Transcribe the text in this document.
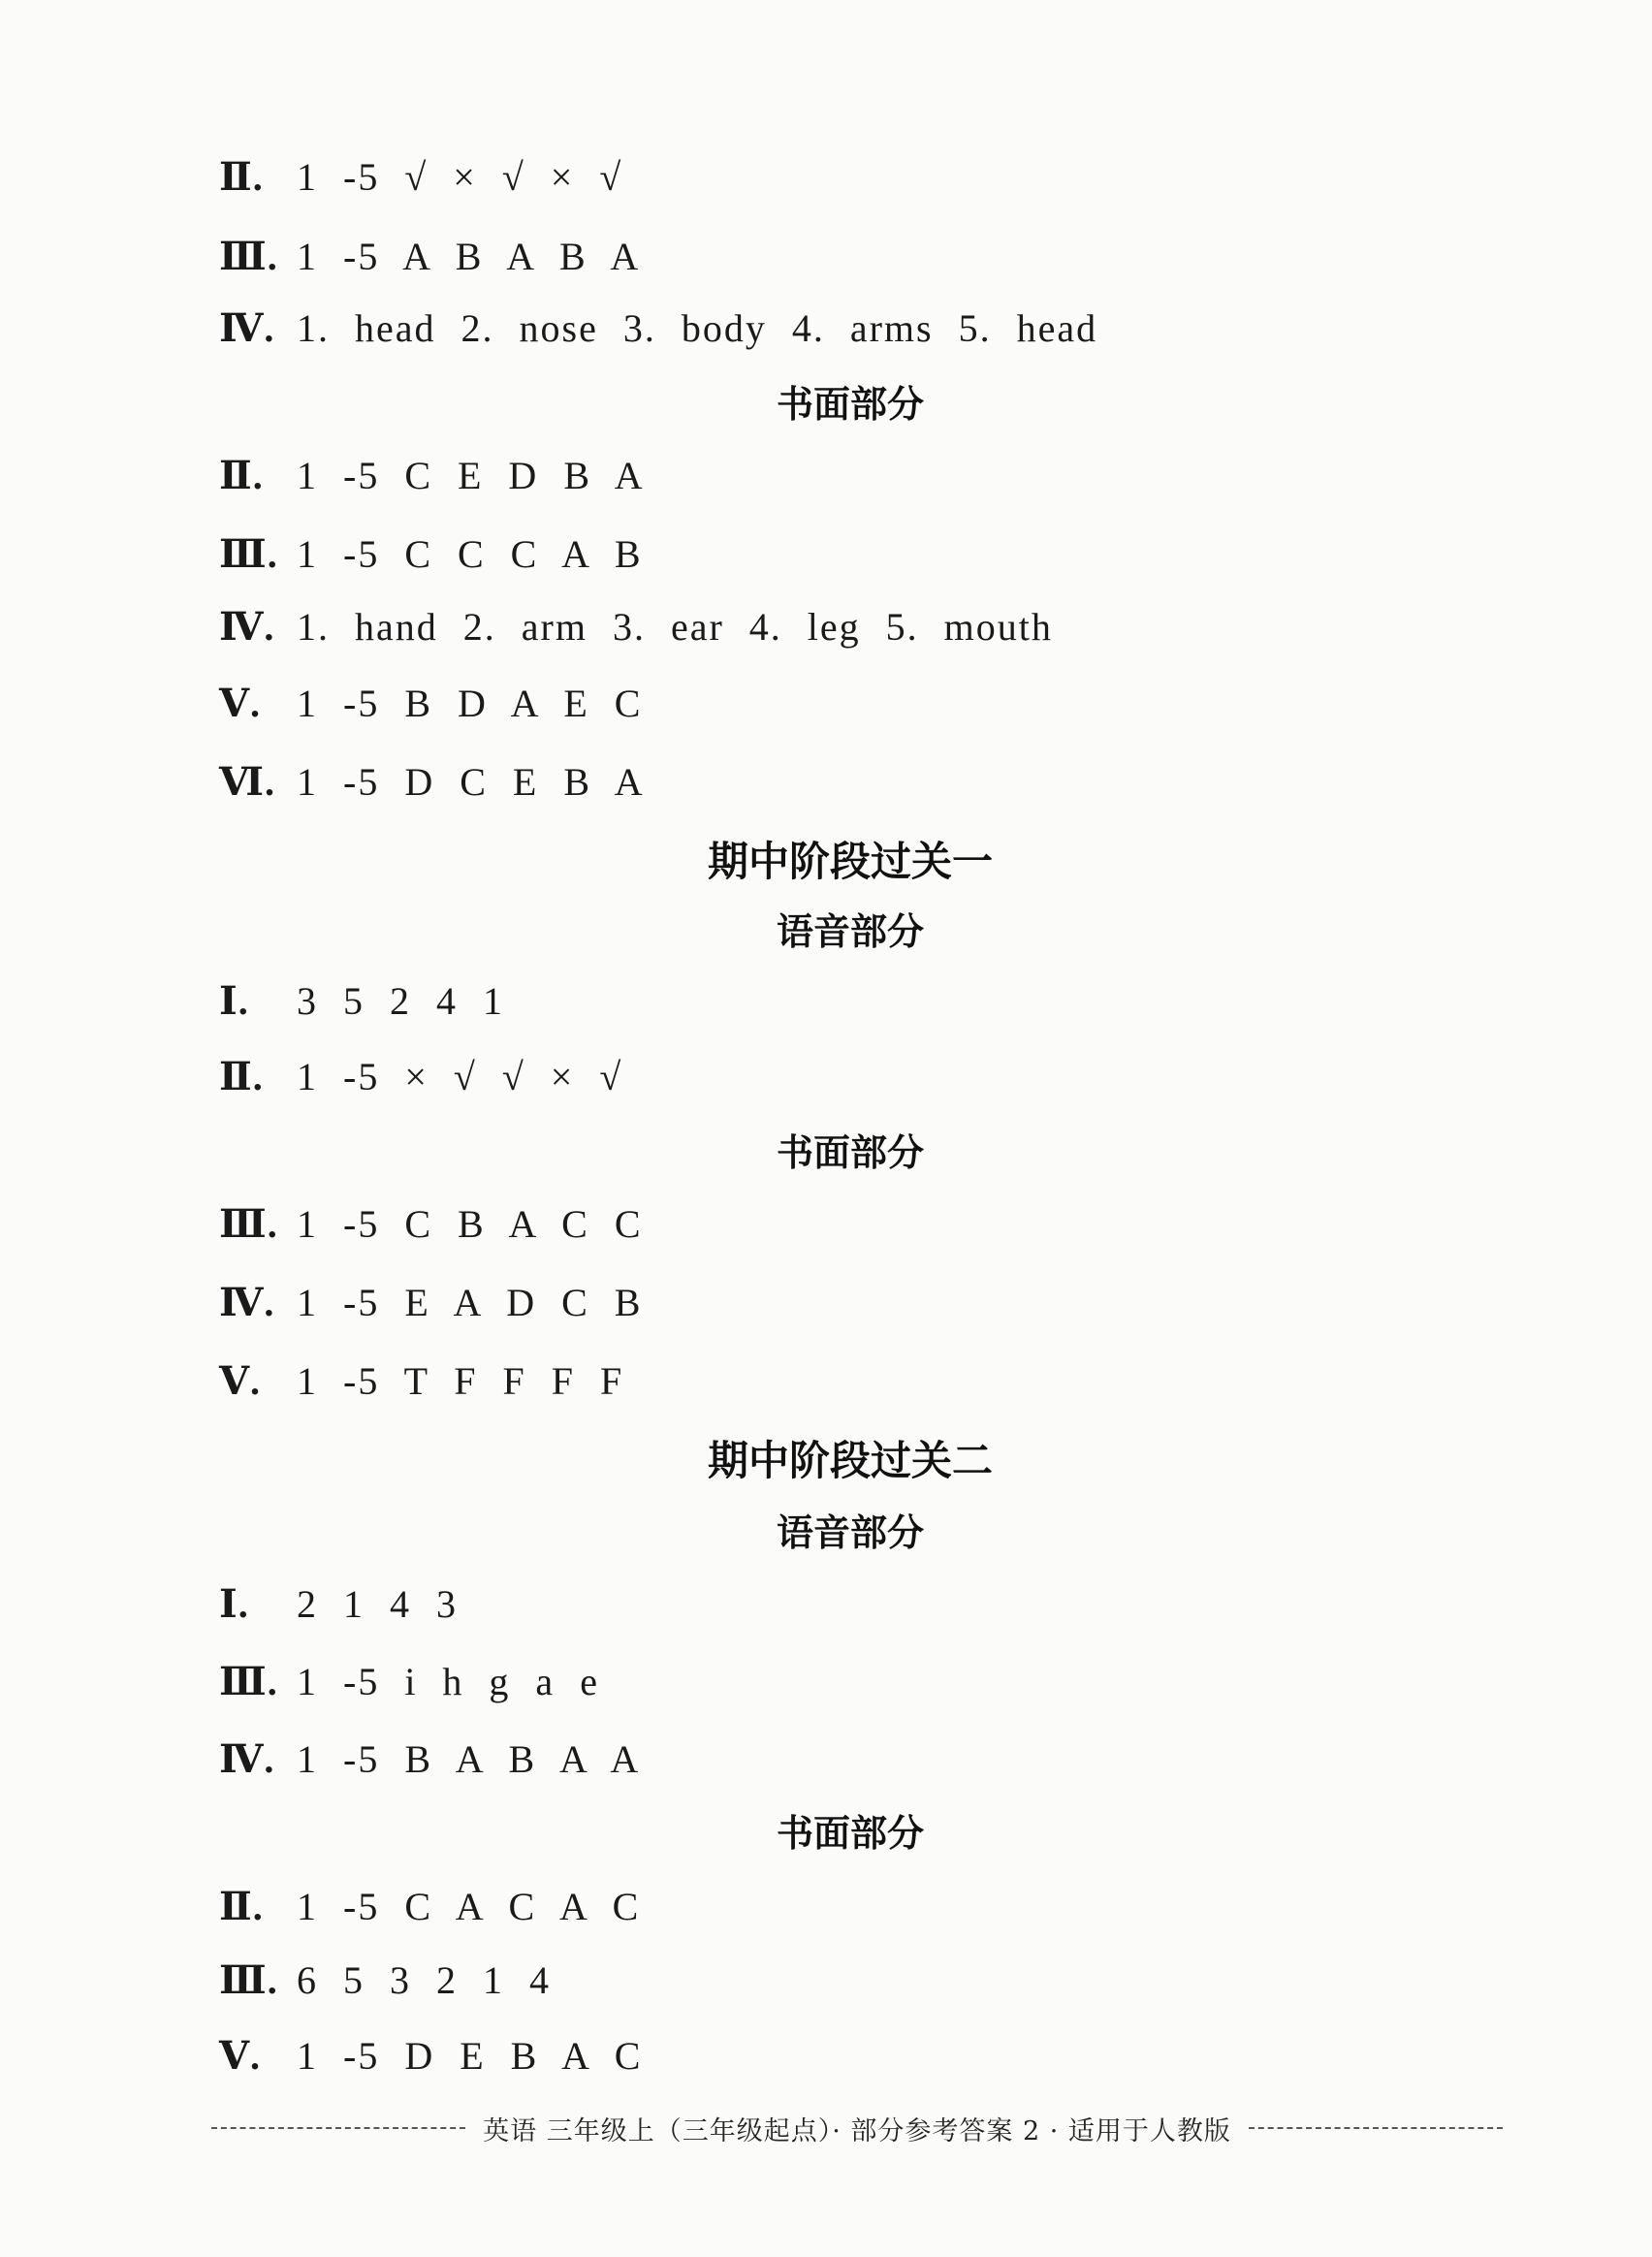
Ⅱ. 1 -5 √ × √ × √
Ⅲ. 1 -5 A B A B A
Ⅳ. 1. head 2. nose 3. body 4. arms 5. head
书面部分
Ⅱ. 1 -5 C E D B A
Ⅲ. 1 -5 C C C A B
Ⅳ. 1. hand 2. arm 3. ear 4. leg 5. mouth
Ⅴ. 1 -5 B D A E C
Ⅵ. 1 -5 D C E B A
期中阶段过关一
语音部分
Ⅰ.	3 5 2 4 1
Ⅱ. 1 -5 × √ √ × √
书面部分
Ⅲ. 1 -5 C B A C C
Ⅳ. 1 -5 E A D C B
Ⅴ. 1 -5 T F F F F
期中阶段过关二
语音部分
Ⅰ.	2 1 4 3
Ⅲ. 1 -5 i h g a e
Ⅳ. 1 -5 B A B A A
书面部分
Ⅱ. 1 -5 C A C A C
Ⅲ. 6 5 3 2 1 4
Ⅴ. 1 -5 D E B A C
英语 三年级上（三年级起点）· 部分参考答案 2 · 适用于人教版
